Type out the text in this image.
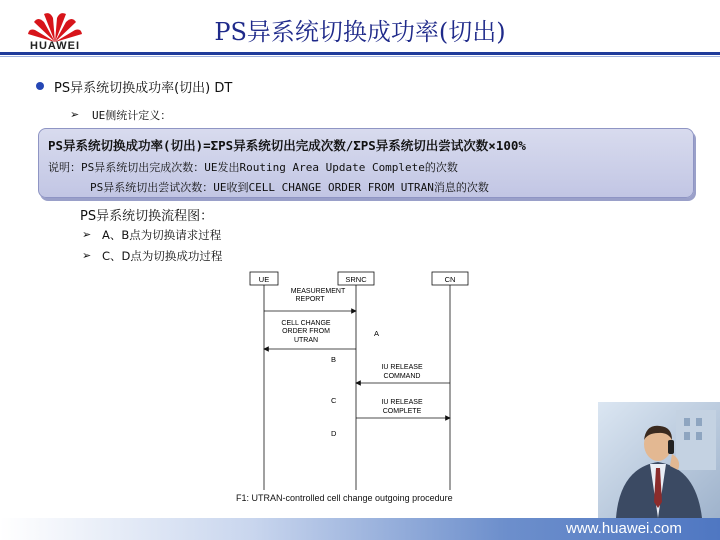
HUAWEI	PS异系统切换成功率(切出)
PS异系统切换成功率(切出) DT
➢ UE侧统计定义：
PS异系统切换成功率(切出)=ΣPS异系统切出完成次数/ΣPS异系统切出尝试次数×100%
说明：PS异系统切出完成次数：UE发出Routing Area Update Complete的次数
PS异系统切出尝试次数：UE收到CELL CHANGE ORDER FROM UTRAN消息的次数
PS异系统切换流程图：
➢ A、B点为切换请求过程
➢ C、D点为切换成功过程
UE	SRNC	CN
MEASUREMENT
REPORT
CELL CHANGE
ORDER FROM
UTRAN
A
B
IU RELEASE
COMMAND
IU RELEASE
COMPLETE
C
D
F1: UTRAN-controlled cell change outgoing procedure
www.huawei.com
